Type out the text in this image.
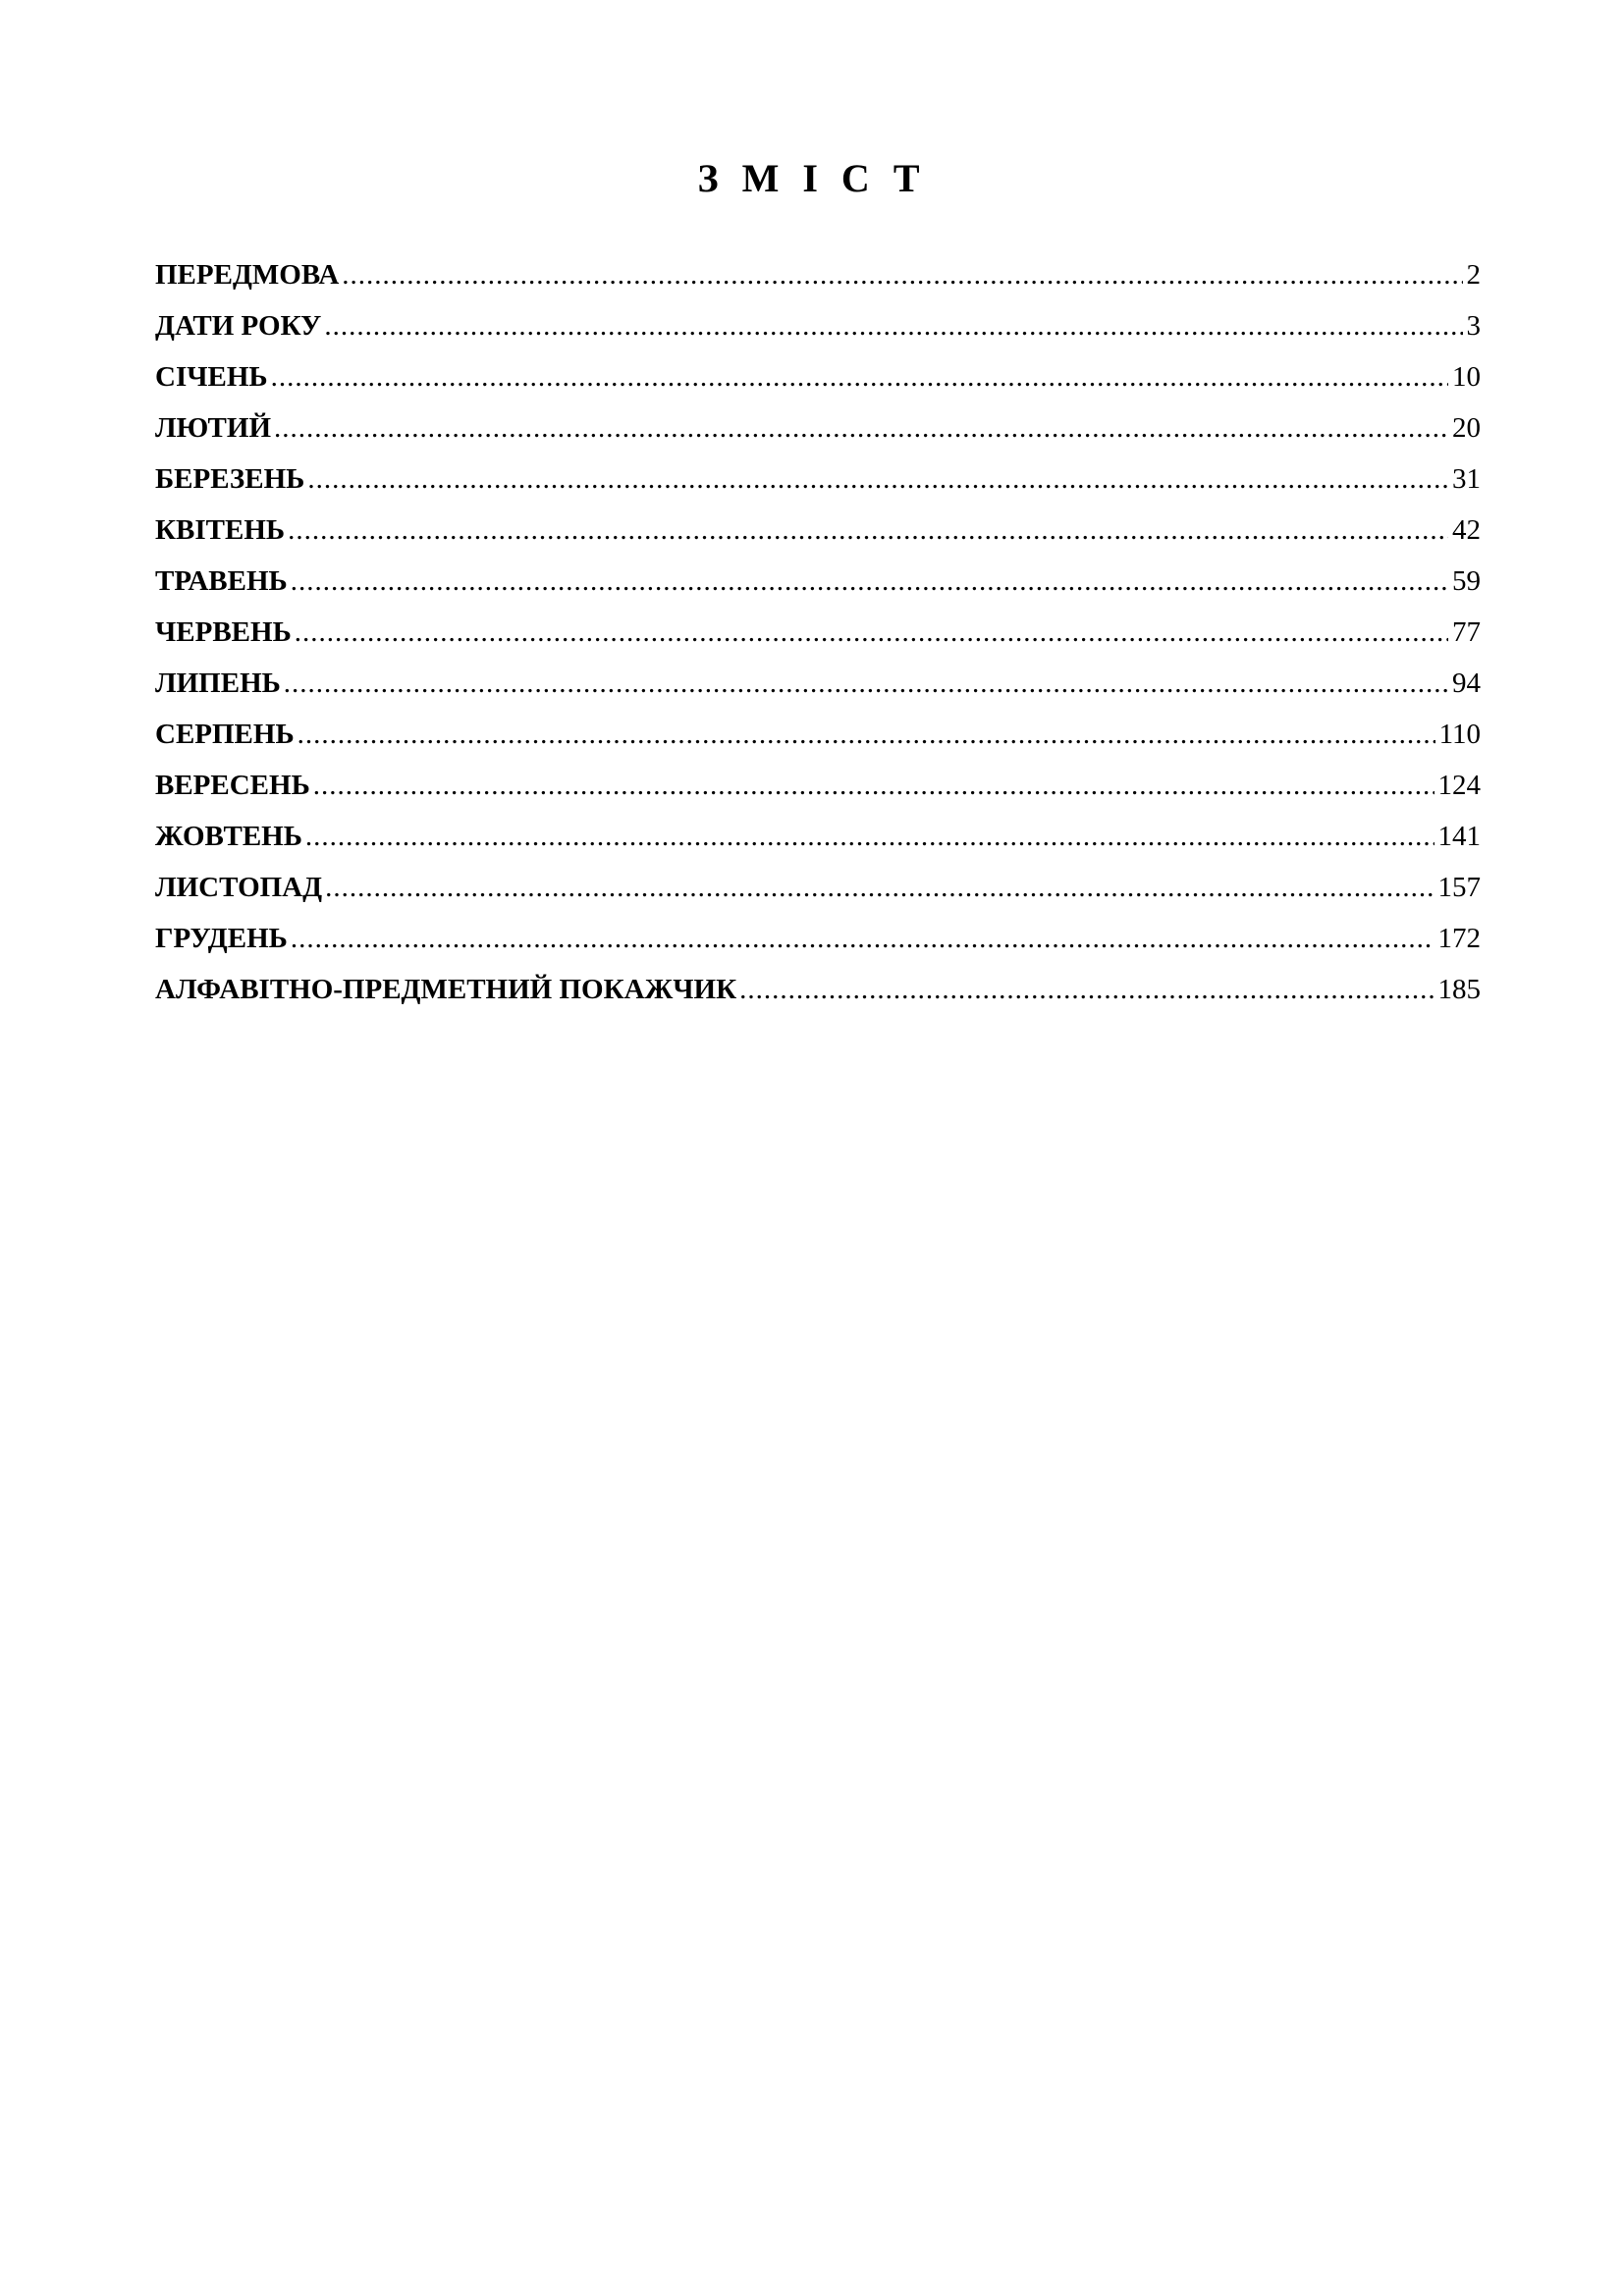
З М І С Т
ПЕРЕДМОВА .....	2
ДАТИ РОКУ .....	3
СІЧЕНЬ .....	10
ЛЮТИЙ .....	20
БЕРЕЗЕНЬ .....	31
КВІТЕНЬ .....	42
ТРАВЕНЬ .....	59
ЧЕРВЕНЬ .....	77
ЛИПЕНЬ .....	94
СЕРПЕНЬ .....	110
ВЕРЕСЕНЬ .....	124
ЖОВТЕНЬ .....	141
ЛИСТОПАД .....	157
ГРУДЕНЬ .....	172
АЛФАВІТНО-ПРЕДМЕТНИЙ ПОКАЖЧИК .....	185
